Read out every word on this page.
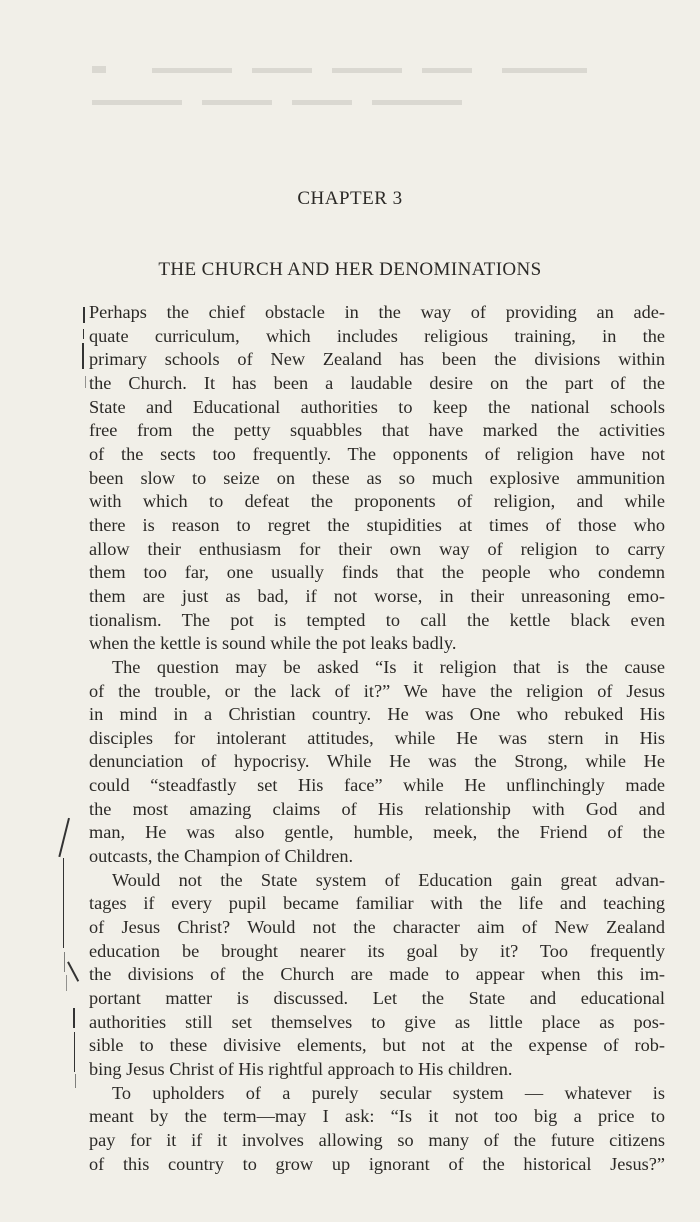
CHAPTER 3
THE CHURCH AND HER DENOMINATIONS
Perhaps the chief obstacle in the way of providing an ade-
quate curriculum, which includes religious training, in the
primary schools of New Zealand has been the divisions within
the Church. It has been a laudable desire on the part of the
State and Educational authorities to keep the national schools
free from the petty squabbles that have marked the activities
of the sects too frequently. The opponents of religion have not
been slow to seize on these as so much explosive ammunition
with which to defeat the proponents of religion, and while
there is reason to regret the stupidities at times of those who
allow their enthusiasm for their own way of religion to carry
them too far, one usually finds that the people who condemn
them are just as bad, if not worse, in their unreasoning emo-
tionalism. The pot is tempted to call the kettle black even
when the kettle is sound while the pot leaks badly.
The question may be asked “Is it religion that is the cause
of the trouble, or the lack of it?” We have the religion of Jesus
in mind in a Christian country. He was One who rebuked His
disciples for intolerant attitudes, while He was stern in His
denunciation of hypocrisy. While He was the Strong, while He
could “steadfastly set His face” while He unflinchingly made
the most amazing claims of His relationship with God and
man, He was also gentle, humble, meek, the Friend of the
outcasts, the Champion of Children.
Would not the State system of Education gain great advan-
tages if every pupil became familiar with the life and teaching
of Jesus Christ? Would not the character aim of New Zealand
education be brought nearer its goal by it? Too frequently
the divisions of the Church are made to appear when this im-
portant matter is discussed. Let the State and educational
authorities still set themselves to give as little place as pos-
sible to these divisive elements, but not at the expense of rob-
bing Jesus Christ of His rightful approach to His children.
To upholders of a purely secular system — whatever is
meant by the term—may I ask: “Is it not too big a price to
pay for it if it involves allowing so many of the future citizens
of this country to grow up ignorant of the historical Jesus?”
